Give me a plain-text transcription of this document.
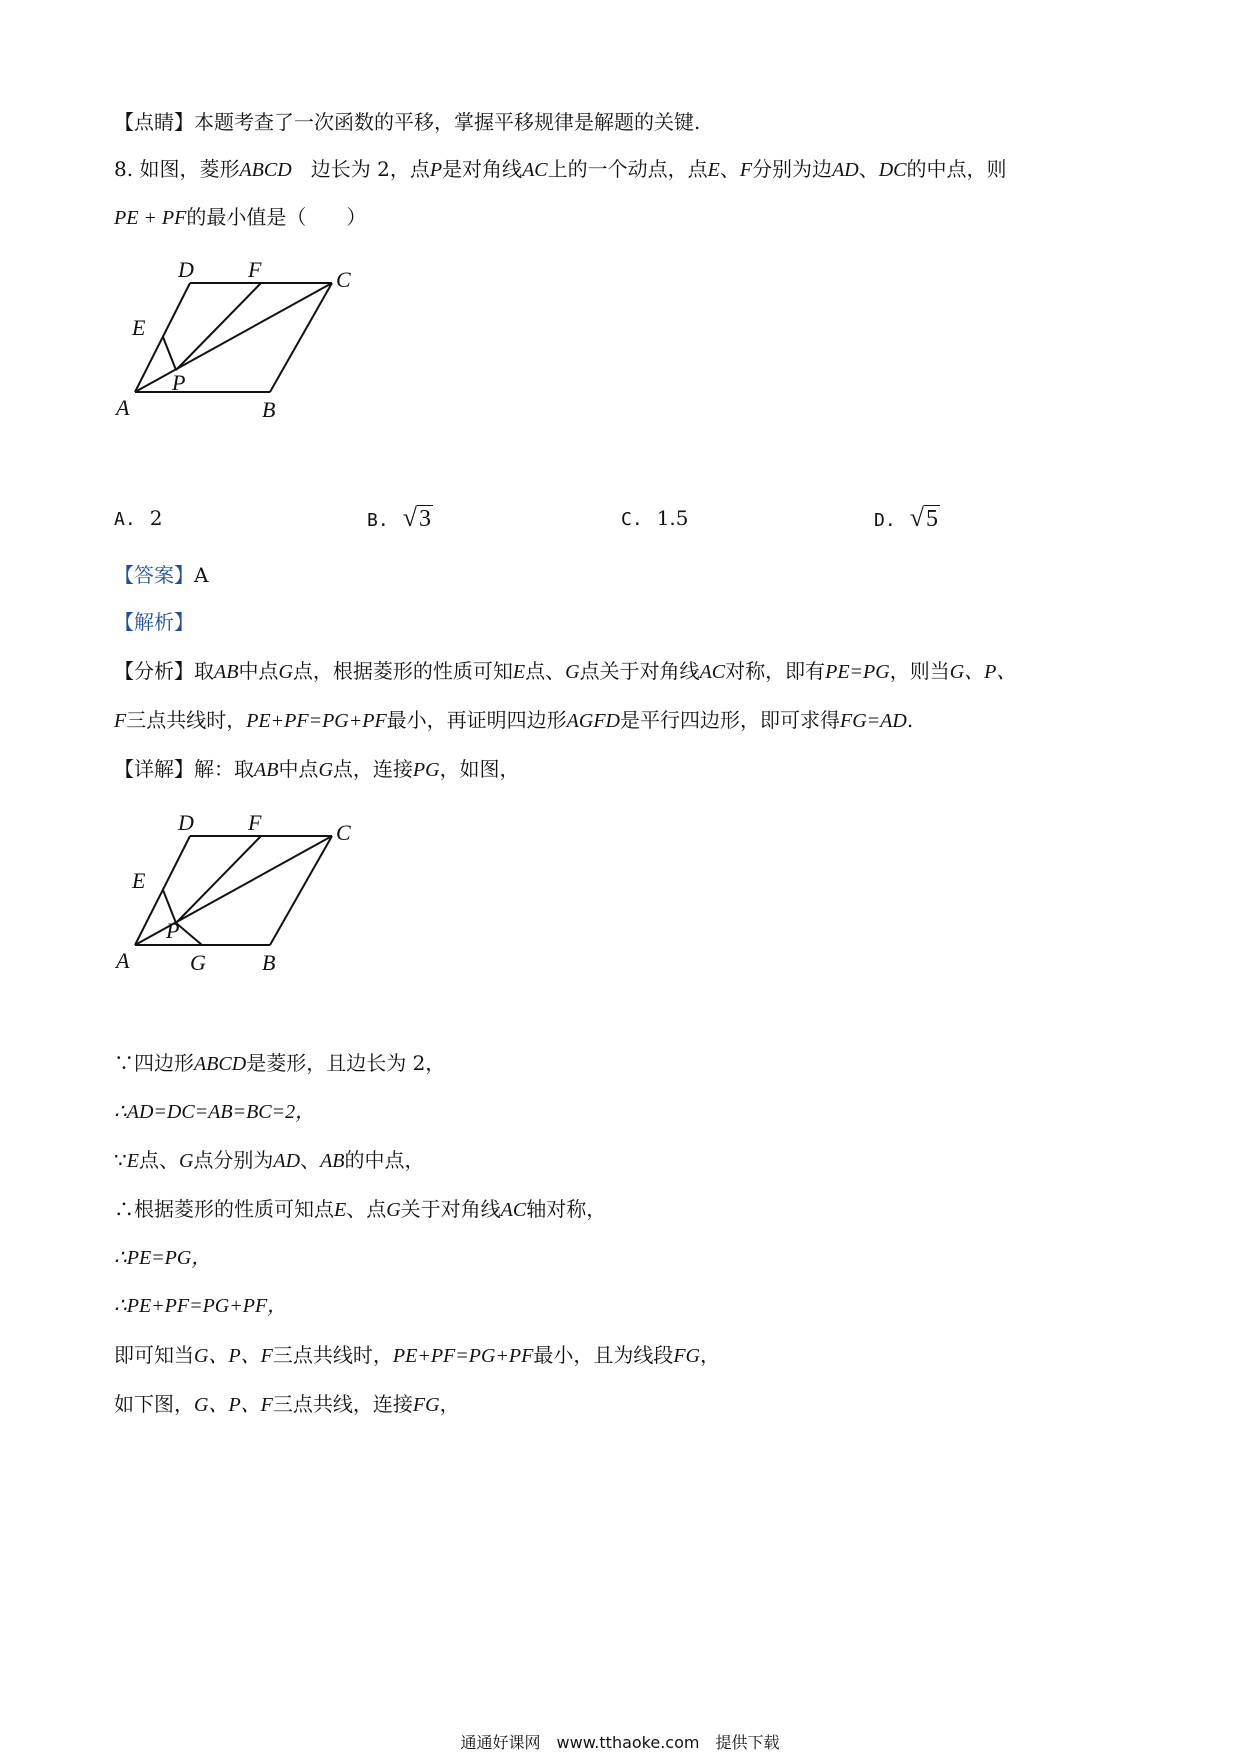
【点睛】本题考查了一次函数的平移，掌握平移规律是解题的关键.
8. 如图，菱形ABCD 边长为 2，点P是对角线AC上的一个动点，点E、F分别为边AD、DC的中点，则
PE + PF的最小值是（　　）
D F	C
E
P
A	B
A. 2	B. √3	C. 1.5	D. √5
【答案】A
【解析】
【分析】取AB中点G点，根据菱形的性质可知E点、G点关于对角线AC对称，即有PE=PG，则当G、P、
F三点共线时，PE+PF=PG+PF最小，再证明四边形AGFD是平行四边形，即可求得FG=AD.
【详解】解：取AB中点G点，连接PG，如图，
D F	C
E
P
A	G	B
∵四边形ABCD是菱形，且边长为 2，
∴AD=DC=AB=BC=2，
∵E点、G点分别为AD、AB的中点，
∴根据菱形的性质可知点E、点G关于对角线AC轴对称，
∴PE=PG，
∴PE+PF=PG+PF，
即可知当G、P、F三点共线时，PE+PF=PG+PF最小，且为线段FG，
如下图，G、P、F三点共线，连接FG，
通通好课网　www.tthaoke.com　提供下载
